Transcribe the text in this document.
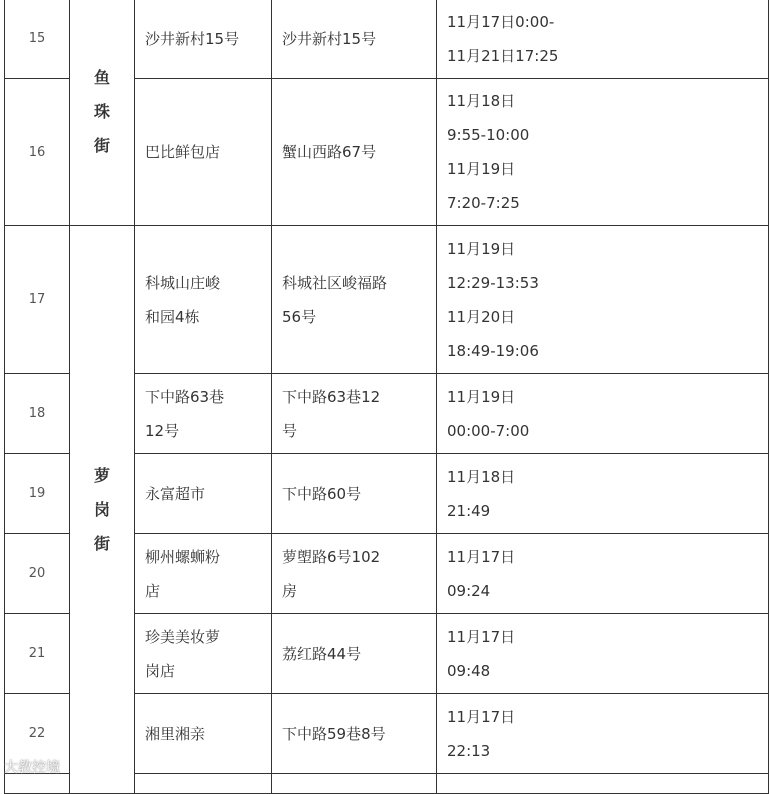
15	鱼珠街	沙井新村15号	沙井新村15号	11月17日0:00-
11月21日17:25
16		巴比鲜包店	蟹山西路67号	11月18日
9:55-10:00
11月19日
7:20-7:25
17	萝岗街	科城山庄峻
和园4栋	科城社区峻福路
56号	11月19日
12:29-13:53
11月20日
18:49-19:06
18		下中路63巷
12号	下中路63巷12
号	11月19日
00:00-7:00
19		永富超市	下中路60号	11月18日
21:49
20		柳州螺蛳粉
店	萝塱路6号102
房	11月17日
09:24
21		珍美美妆萝
岗店	荔红路44号	11月17日
09:48
22		湘里湘亲	下中路59巷8号	11月17日
22:13

大教控境
